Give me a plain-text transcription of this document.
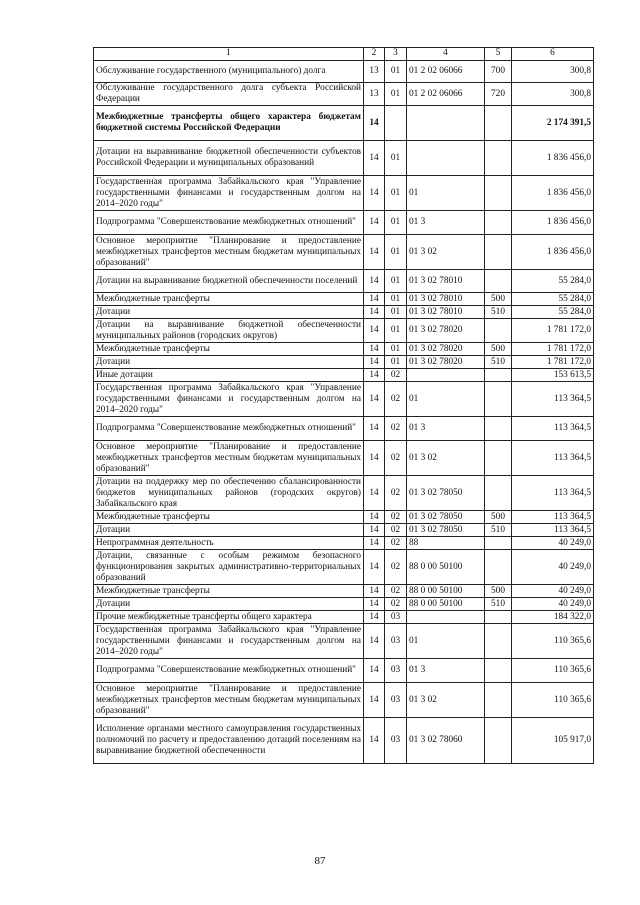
1	2	3	4	5	6
Обслуживание государственного (муниципального) долга	13	01	01 2 02 06066	700	300,8
Обслуживание государственного долга субъекта Российской Федерации	13	01	01 2 02 06066	720	300,8
Межбюджетные трансферты общего характера бюджетам бюджетной системы Российской Федерации	14				2 174 391,5
Дотации на выравнивание бюджетной обеспеченности субъектов Российской Федерации и муниципальных образований	14	01			1 836 456,0
Государственная программа Забайкальского края "Управление государственными финансами и государственным долгом на 2014–2020 годы"	14	01	01		1 836 456,0
Подпрограмма "Совершенствование межбюджетных отношений"	14	01	01 3		1 836 456,0
Основное мероприятие "Планирование и предоставление межбюджетных трансфертов местным бюджетам муниципальных образований"	14	01	01 3 02		1 836 456,0
Дотации на выравнивание бюджетной обеспеченности поселений	14	01	01 3 02 78010		55 284,0
Межбюджетные трансферты	14	01	01 3 02 78010	500	55 284,0
Дотации	14	01	01 3 02 78010	510	55 284,0
Дотации на выравнивание бюджетной обеспеченности муниципальных районов (городских округов)	14	01	01 3 02 78020		1 781 172,0
Межбюджетные трансферты	14	01	01 3 02 78020	500	1 781 172,0
Дотации	14	01	01 3 02 78020	510	1 781 172,0
Иные дотации	14	02			153 613,5
Государственная программа Забайкальского края "Управление государственными финансами и государственным долгом на 2014–2020 годы"	14	02	01		113 364,5
Подпрограмма "Совершенствование межбюджетных отношений"	14	02	01 3		113 364,5
Основное мероприятие "Планирование и предоставление межбюджетных трансфертов местным бюджетам муниципальных образований"	14	02	01 3 02		113 364,5
Дотации на поддержку мер по обеспечению сбалансированности бюджетов муниципальных районов (городских округов) Забайкальского края	14	02	01 3 02 78050		113 364,5
Межбюджетные трансферты	14	02	01 3 02 78050	500	113 364,5
Дотации	14	02	01 3 02 78050	510	113 364,5
Непрограммная деятельность	14	02	88		40 249,0
Дотации, связанные с особым режимом безопасного функционирования закрытых административно-территориальных образований	14	02	88 0 00 50100		40 249,0
Межбюджетные трансферты	14	02	88 0 00 50100	500	40 249,0
Дотации	14	02	88 0 00 50100	510	40 249,0
Прочие межбюджетные трансферты общего характера	14	03			184 322,0
Государственная программа Забайкальского края "Управление государственными финансами и государственным долгом на 2014–2020 годы"	14	03	01		110 365,6
Подпрограмма "Совершенствование межбюджетных отношений"	14	03	01 3		110 365,6
Основное мероприятие "Планирование и предоставление межбюджетных трансфертов местным бюджетам муниципальных образований"	14	03	01 3 02		110 365,6
Исполнение органами местного самоуправления государственных полномочий по расчету и предоставлению дотаций поселениям на выравнивание бюджетной обеспеченности	14	03	01 3 02 78060		105 917,0
87
